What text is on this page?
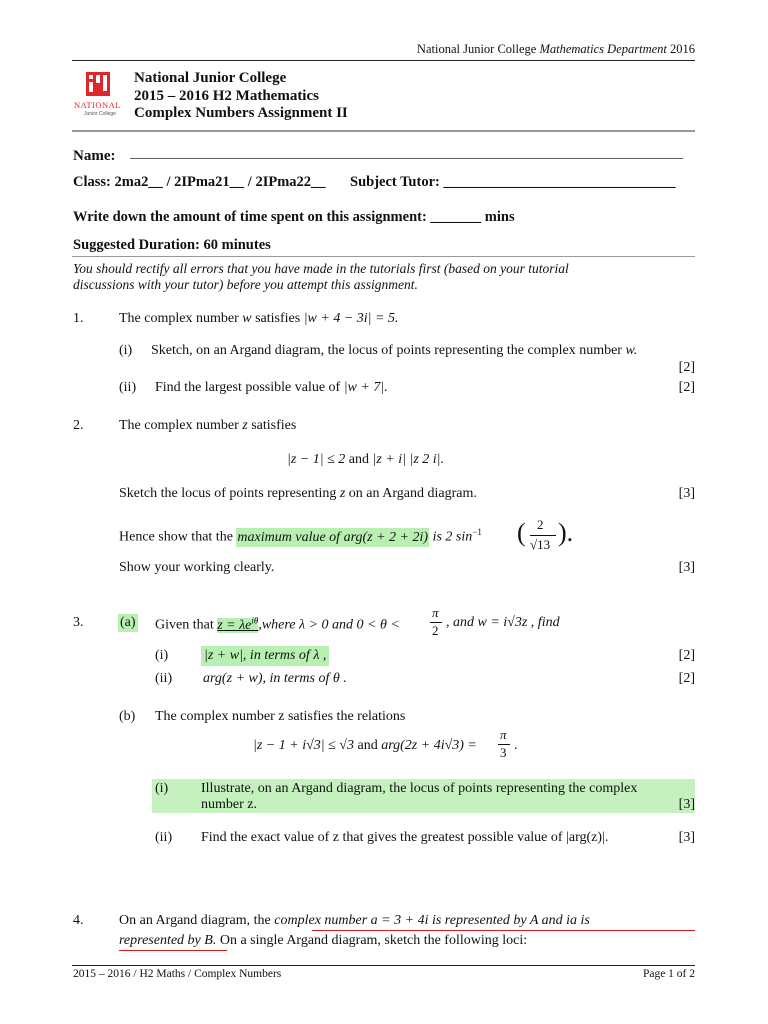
National Junior College Mathematics Department 2016
NATIONAL
Junior College
National Junior College
2015 – 2016 H2 Mathematics
Complex Numbers Assignment II
Name: _______________________________________________________________________________
Class: 2ma2__ / 2IPma21__ / 2IPma22__ Subject Tutor: ________________________________
Write down the amount of time spent on this assignment: _______ mins
Suggested Duration: 60 minutes
You should rectify all errors that you have made in the tutorials first (based on your tutorial
discussions with your tutor) before you attempt this assignment.
1.	The complex number w satisfies |w + 4 − 3i| = 5.
(i) Sketch, on an Argand diagram, the locus of points representing the complex number w.
[2]
(ii) Find the largest possible value of |w + 7|.	[2]
2.	The complex number z satisfies
|z − 1| ≤ 2 and |z + i| |z 2 i|.
Sketch the locus of points representing z on an Argand diagram.	[3]
Hence show that the maximum value of arg(z + 2 + 2i) is 2 $\sin^{-1}$ ( 2
√13 ).
Show your working clearly.	[3]
3.	(a) Given that $z = \lambda e^{i\theta},where$ λ > 0 and 0 < θ <
π
2
, and w = i√3z , find
(i)	|z + w|, in terms of λ ,	[2]
(ii) arg(z + w), in terms of θ .	[2]
(b) The complex number z satisfies the relations
|z − 1 + i√3| ≤ √3 and arg(2z + 4i√3) =
π
3 .
(i) Illustrate, on an Argand diagram, the locus of points representing the complex
number z.	[3]
(ii) Find the exact value of z that gives the greatest possible value of |arg(z)|.	[3]
4.	On an Argand diagram, the complex number a = 3 + 4i is represented by A and ia is
represented by B. On a single Argand diagram, sketch the following loci:
2015 – 2016 / H2 Maths / Complex Numbers	Page 1 of 2
